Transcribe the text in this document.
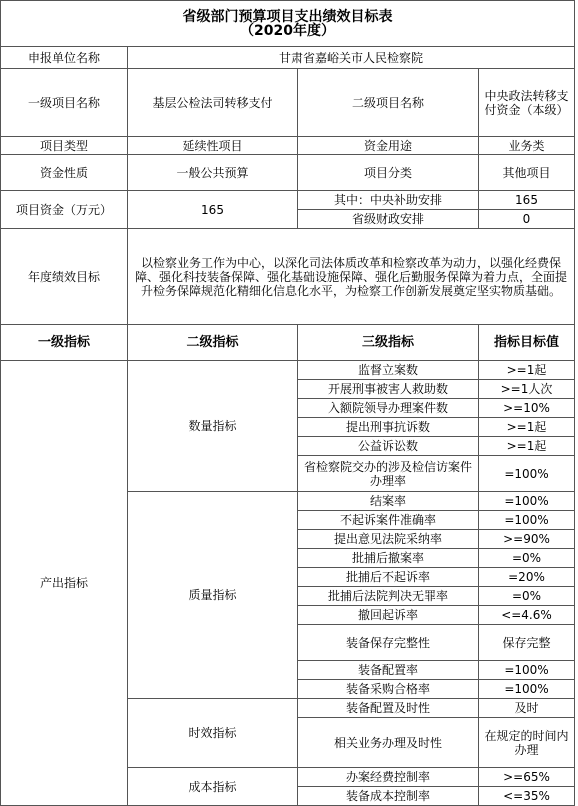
省级部门预算项目支出绩效目标表
（2020年度）			

申报单位名称	甘肃省嘉峪关市人民检察院		
一级项目名称	基层公检法司转移支付	二级项目名称	中央政法转移支付资金（本级）
项目类型	延续性项目	资金用途	业务类
资金性质	一般公共预算	项目分类	其他项目
项目资金（万元）	165	其中：中央补助安排	165
		省级财政安排	0
年度绩效目标	以检察业务工作为中心，以深化司法体质改革和检察改革为动力，以强化经费保障、强化科技装备保障、强化基础设施保障、强化后勤服务保障为着力点，全面提升检务保障规范化精细化信息化水平，为检察工作创新发展奠定坚实物质基础。		
一级指标	二级指标	三级指标	指标目标值
产出指标	数量指标	监督立案数	>=1起
		开展刑事被害人救助数	>=1人次
		入额院领导办理案件数	>=10%
		提出刑事抗诉数	>=1起
		公益诉讼数	>=1起
		省检察院交办的涉及检信访案件办理率	=100%
	质量指标	结案率	=100%
		不起诉案件准确率	=100%
		提出意见法院采纳率	>=90%
		批捕后撤案率	=0%
		批捕后不起诉率	=20%
		批捕后法院判决无罪率	=0%
		撤回起诉率	<=4.6%
		装备保存完整性	保存完整
		装备配置率	=100%
		装备采购合格率	=100%
	时效指标	装备配置及时性	及时
		相关业务办理及时性	在规定的时间内办理
	成本指标	办案经费控制率	>=65%
		装备成本控制率	<=35%
